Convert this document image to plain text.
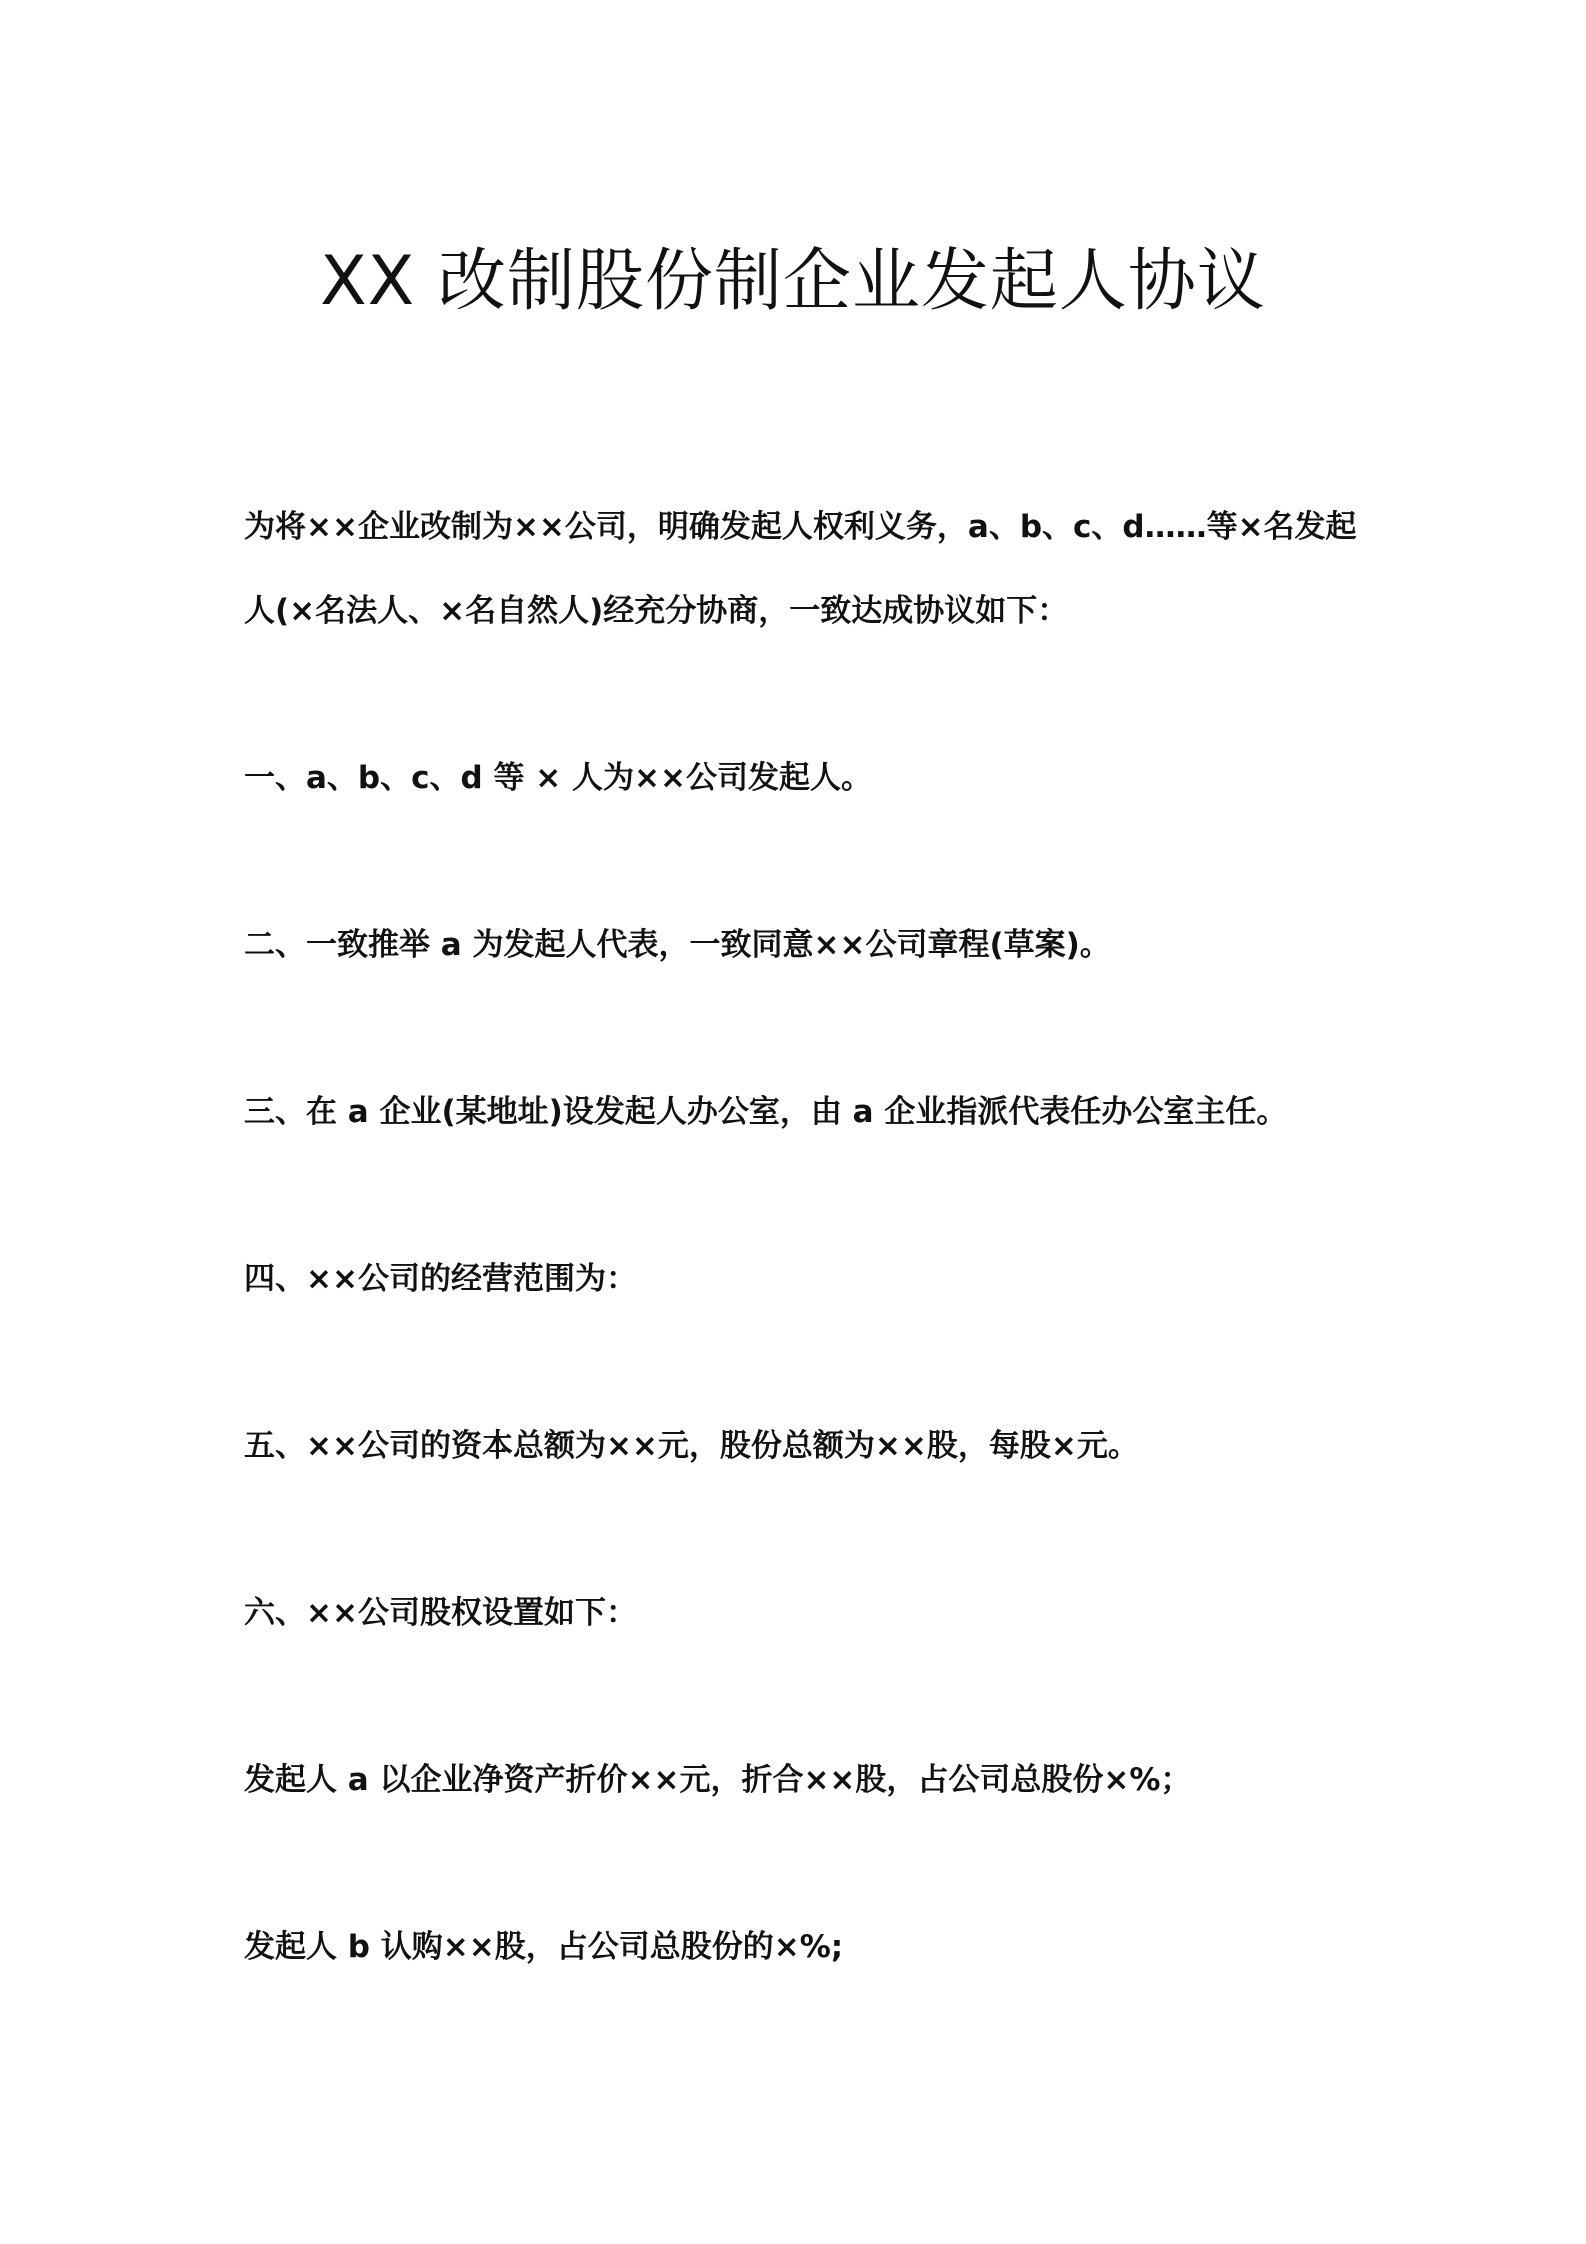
XX 改制股份制企业发起人协议

为将××企业改制为××公司，明确发起人权利义务，a、b、c、d……等×名发起

人(×名法人、×名自然人)经充分协商，一致达成协议如下：

一、a、b、c、d 等 × 人为××公司发起人。

二、一致推举 a 为发起人代表，一致同意××公司章程(草案)。

三、在 a 企业(某地址)设发起人办公室，由 a 企业指派代表任办公室主任。

四、××公司的经营范围为：

五、××公司的资本总额为××元，股份总额为××股，每股×元。

六、××公司股权设置如下：

发起人 a 以企业净资产折价××元，折合××股，占公司总股份×%；

发起人 b 认购××股，占公司总股份的×%;
